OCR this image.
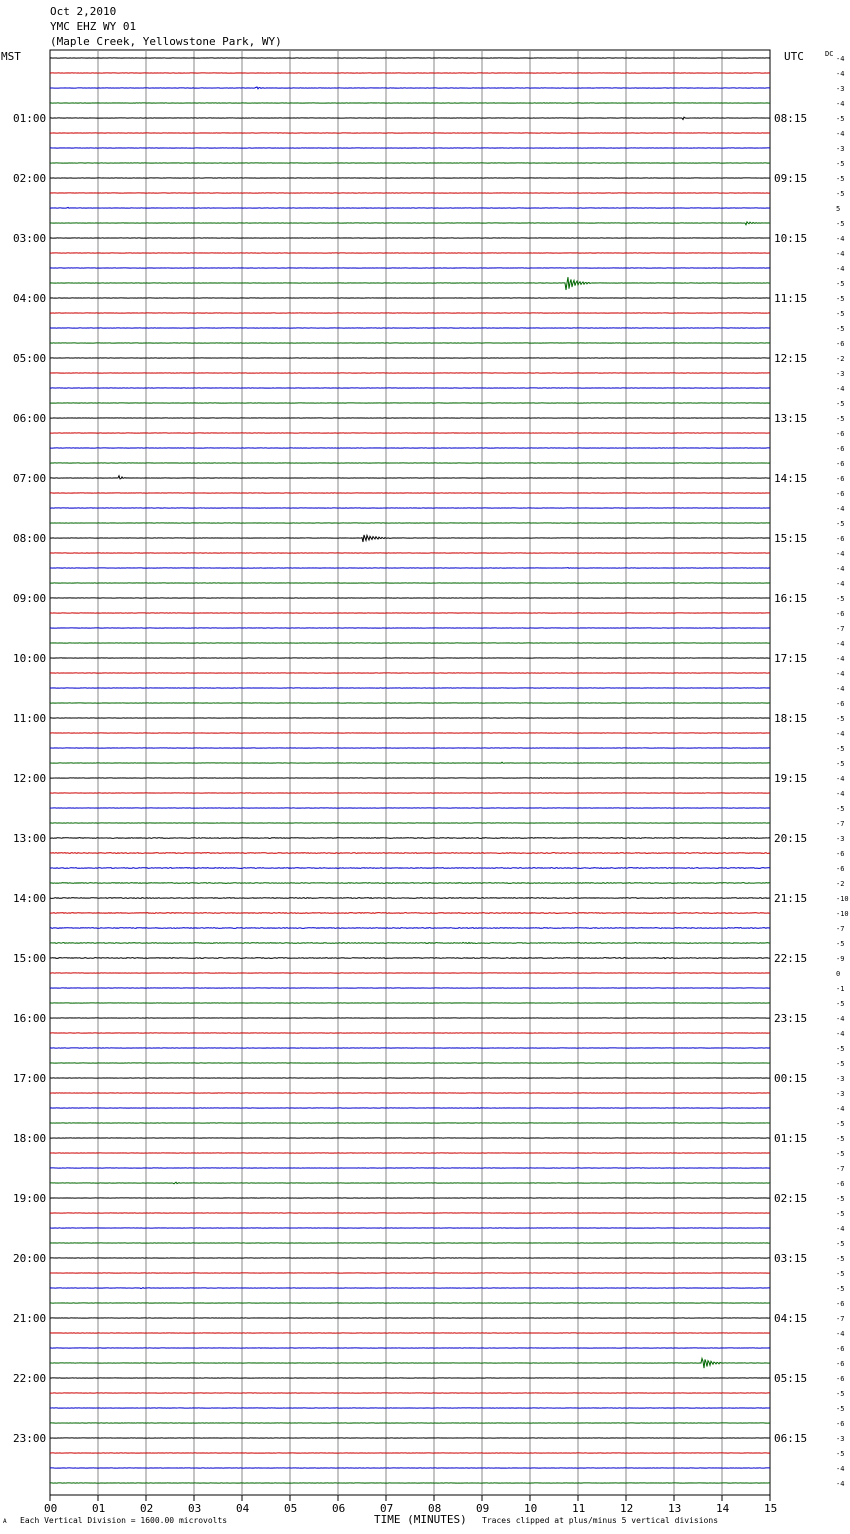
Oct 2,2010
YMC EHZ WY 01
(Maple Creek, Yellowstone Park, WY)
MST	UTC	DC
-4
-4
-3
-4
-5
-4
-3
-5
-5
-5
5
-5
-4
-4
-4
-5
-5
-5
-5
-6
-2
-3
-4
-5
-5
-6
-6
-6
-6
-6
-4
-5
-6
-4
-4
-4
-5
-6
-7
-4
-4
-4
-4
-6
-5
-4
-5
-5
-4
-4
-5
-7
-3
-6
-6
-2
-10
-10
-7
-5
-9
0
-1
-5
-4
-4
-5
-5
-3
-3
-4
-5
-5
-5
-7
-6
-5
-5
-4
-5
-5
-5
-5
-6
-7
-4
-6
-6
-6
-5
-5
-6
-3
-5
-4
-4
01:00	08:15
02:00	09:15
03:00	10:15
04:00	11:15
05:00	12:15
06:00	13:15
07:00	14:15
08:00	15:15
09:00	16:15
10:00	17:15
11:00	18:15
12:00	19:15
13:00	20:15
14:00	21:15
15:00	22:15
16:00	23:15
17:00	00:15
18:00	01:15
19:00	02:15
20:00	03:15
21:00	04:15
22:00	05:15
23:00	06:15
00	01	02	03	04	05	06	07	08	09	10	11	12	13	14	15
A Each Vertical Division = 1600.00 microvolts	TIME (MINUTES) Traces clipped at plus/minus 5 vertical divisions
